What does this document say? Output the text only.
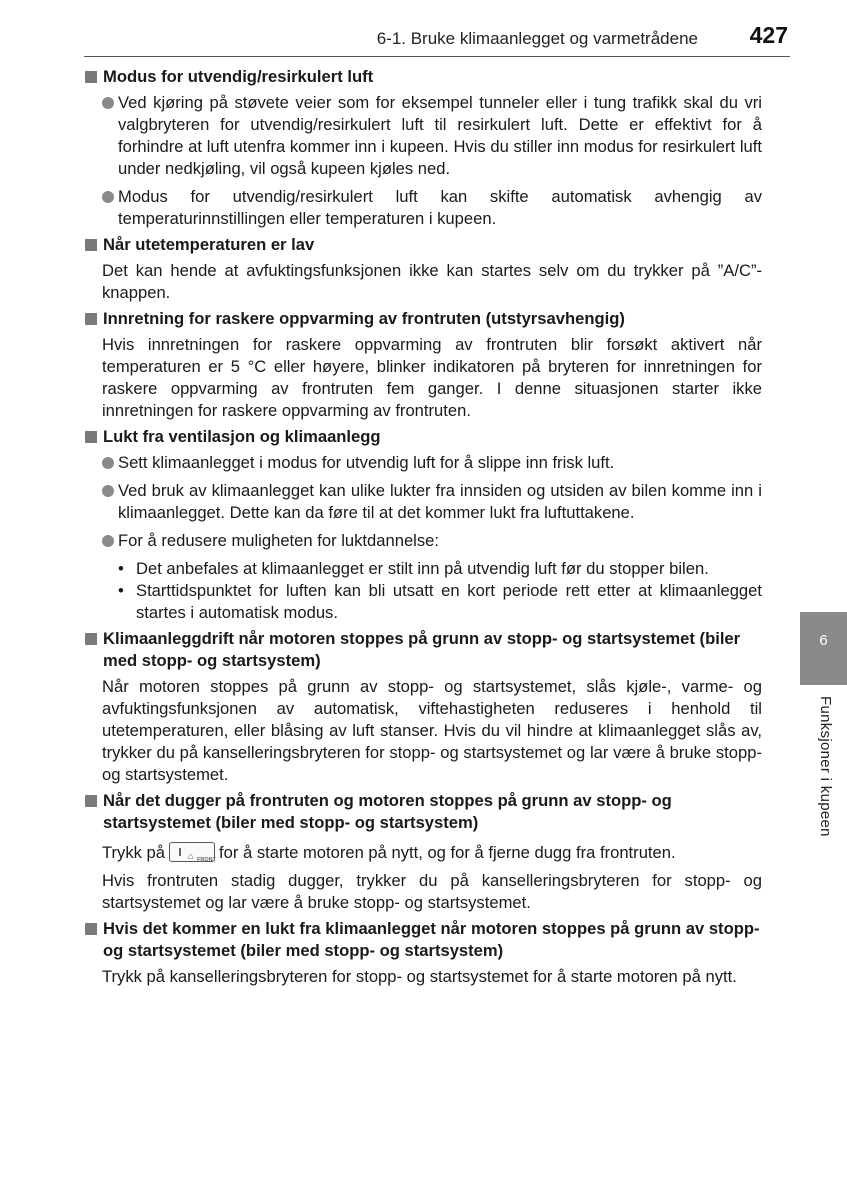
6-1. Bruke klimaanlegget og varmetrådene 427
Modus for utvendig/resirkulert luft
Ved kjøring på støvete veier som for eksempel tunneler eller i tung trafikk skal du vri valgbryteren for utvendig/resirkulert luft til resirkulert luft. Dette er effektivt for å forhindre at luft utenfra kommer inn i kupeen. Hvis du stiller inn modus for resirkulert luft under nedkjøling, vil også kupeen kjøles ned.
Modus for utvendig/resirkulert luft kan skifte automatisk avhengig av temperaturinnstillingen eller temperaturen i kupeen.
Når utetemperaturen er lav

Det kan hende at avfuktingsfunksjonen ikke kan startes selv om du trykker på ”A/C”-knappen.

Innretning for raskere oppvarming av frontruten (utstyrsavhengig)

Hvis innretningen for raskere oppvarming av frontruten blir forsøkt aktivert når temperaturen er 5 °C eller høyere, blinker indikatoren på bryteren for innretningen for raskere oppvarming av frontruten fem ganger. I denne situasjonen starter ikke innretningen for raskere oppvarming av frontruten.

Lukt fra ventilasjon og klimaanlegg
Sett klimaanlegget i modus for utvendig luft for å slippe inn frisk luft.
Ved bruk av klimaanlegget kan ulike lukter fra innsiden og utsiden av bilen komme inn i klimaanlegget. Dette kan da føre til at det kommer lukt fra luftuttakene.
For å redusere muligheten for luktdannelse:
• Det anbefales at klimaanlegget er stilt inn på utvendig luft før du stopper bilen.
• Starttidspunktet for luften kan bli utsatt en kort periode rett etter at klimaanlegget startes i automatisk modus.
Klimaanleggdrift når motoren stoppes på grunn av stopp- og startsystemet (biler med stopp- og startsystem)

Når motoren stoppes på grunn av stopp- og startsystemet, slås kjøle-, varme- og avfuktingsfunksjonen av automatisk, viftehastigheten reduseres i henhold til utetemperaturen, eller blåsing av luft stanser. Hvis du vil hindre at klimaanlegget slås av, trykker du på kanselleringsbryteren for stopp- og startsystemet og lar være å bruke stopp- og startsystemet.

Når det dugger på frontruten og motoren stoppes på grunn av stopp- og startsystemet (biler med stopp- og startsystem)

Trykk på	⌂ FRONT for å starte motoren på nytt, og for å fjerne dugg fra frontruten.

Hvis frontruten stadig dugger, trykker du på kanselleringsbryteren for stopp- og startsystemet og lar være å bruke stopp- og startsystemet.

Hvis det kommer en lukt fra klimaanlegget når motoren stoppes på grunn av stopp- og startsystemet (biler med stopp- og startsystem)

Trykk på kanselleringsbryteren for stopp- og startsystemet for å starte motoren på nytt.

6
Funksjoner i kupeen
